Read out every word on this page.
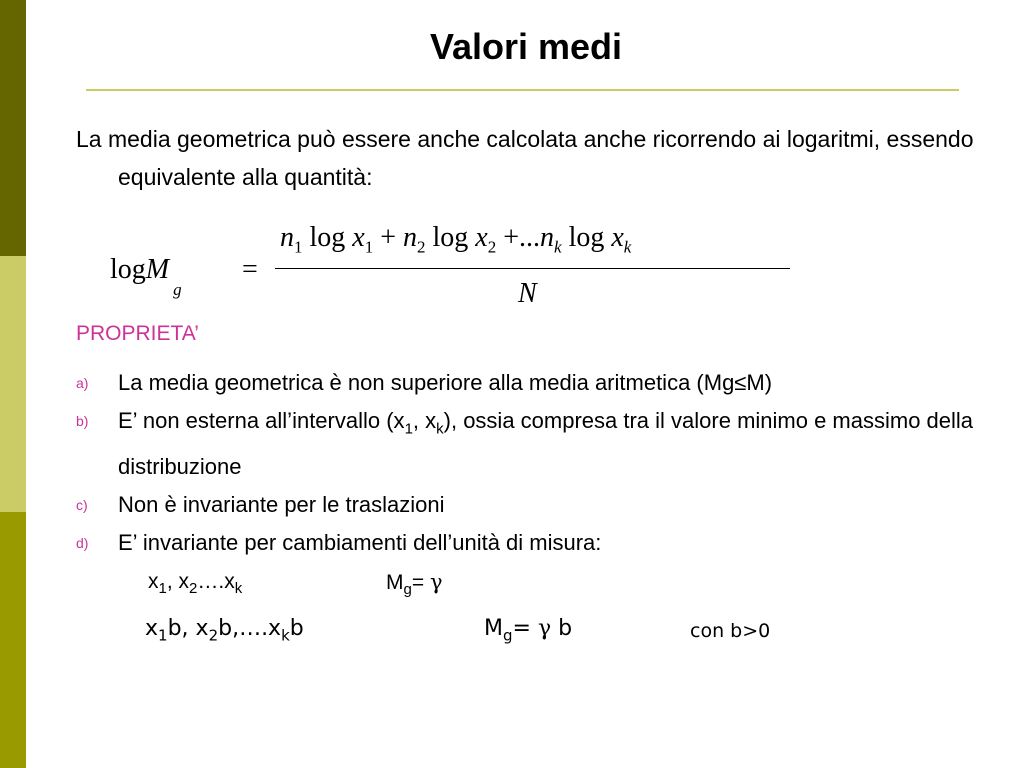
Valori medi
La media geometrica può essere anche calcolata anche ricorrendo ai logaritmi, essendo equivalente alla quantità:
logM$_g$
=
$n_1$ $\log x_1 + n_2$ $\log x_2 +...n_k$ $\log x_k$
N
PROPRIETA’
a) La media geometrica è non superiore alla media aritmetica (Mg≤M)
b) E’ non esterna all’intervallo ($x_1$, $x_k$), ossia compresa tra il valore minimo e massimo della distribuzione
c) Non è invariante per le traslazioni
d) E’ invariante per cambiamenti dell’unità di misura:
$x_1$, $x_2\dots.x_k$	$M_g= \gamma$
$x_1b$, $x_2b,\dots.x_kb$	$M_g= \gamma$ b	con b>0
